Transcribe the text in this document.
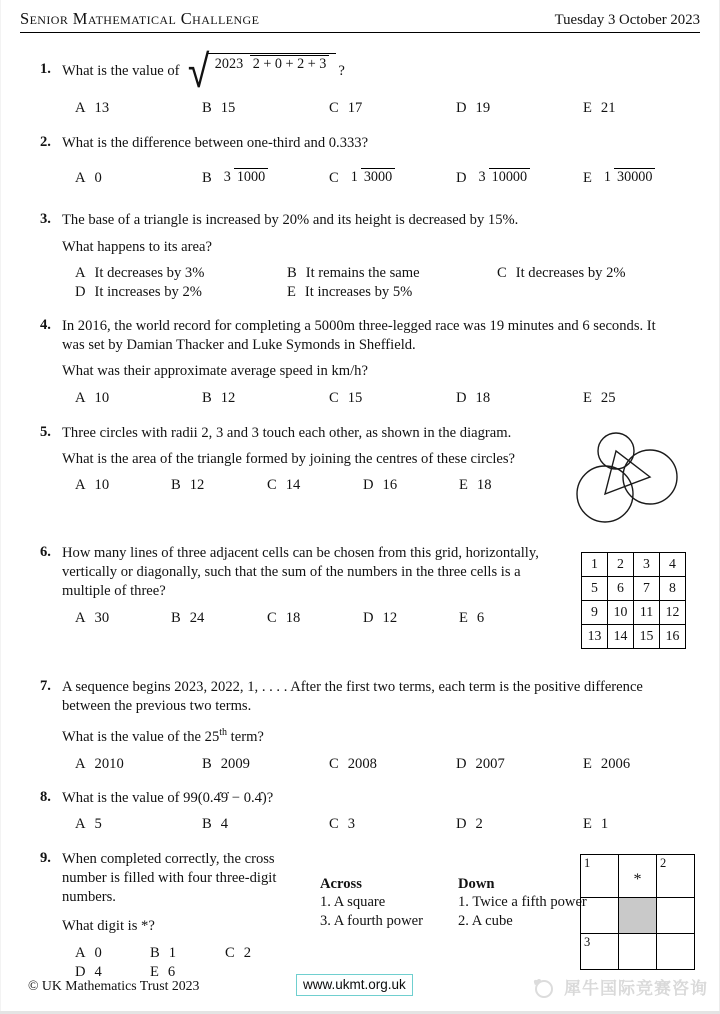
Senior Mathematical Challenge	Tuesday 3 October 2023
1. What is the value of √ 2023 2 + 0 + 2 + 3 ?
A 13	B 15	C 17	D 19	E 21
2. What is the difference between one-third and 0.333?
A 0	B 3 1000	C 1 3000	D 3 10000	E 1 30000
3. The base of a triangle is increased by 20% and its height is decreased by 15%.
What happens to its area?
A It decreases by 3%	B It remains the same	C It decreases by 2%
D It increases by 2%	E It increases by 5%
4. In 2016, the world record for completing a 5000m three-legged race was 19 minutes and 6 seconds. It
was set by Damian Thacker and Luke Symonds in Sheffield.
What was their approximate average speed in km/h?
A 10	B 12	C 15	D 18	E 25
5. Three circles with radii 2, 3 and 3 touch each other, as shown in the diagram.
What is the area of the triangle formed by joining the centres of these circles?
A 10	B 12	C 14	D 16	E 18
6. How many lines of three adjacent cells can be chosen from this grid, horizontally,
vertically or diagonally, such that the sum of the numbers in the three cells is a
multiple of three?
A 30	B 24	C 18	D 12	E 6
1	2	3	4
5	6	7	8
9	10	11	12
13	14	15	16
7. A sequence begins 2023, 2022, 1, . . . . After the first two terms, each term is the positive difference
between the previous two terms.
What is the value of the 25th term?
A 2010	B 2009	C 2008	D 2007	E 2006
8. What is the value of 99(0.4̇9̇ − 0.4̇)?
A 5	B 4	C 3	D 2	E 1
9. When completed correctly, the cross
number is filled with four three-digit
numbers.
What digit is *?
A 0	B 1	C 2
D 4	E 6
Across
1. A square
3. A fourth power
Down
1. Twice a fifth power
2. A cube
1	*	2

3		
© UK Mathematics Trust 2023	www.ukmt.org.uk	犀牛国际竞赛咨询
